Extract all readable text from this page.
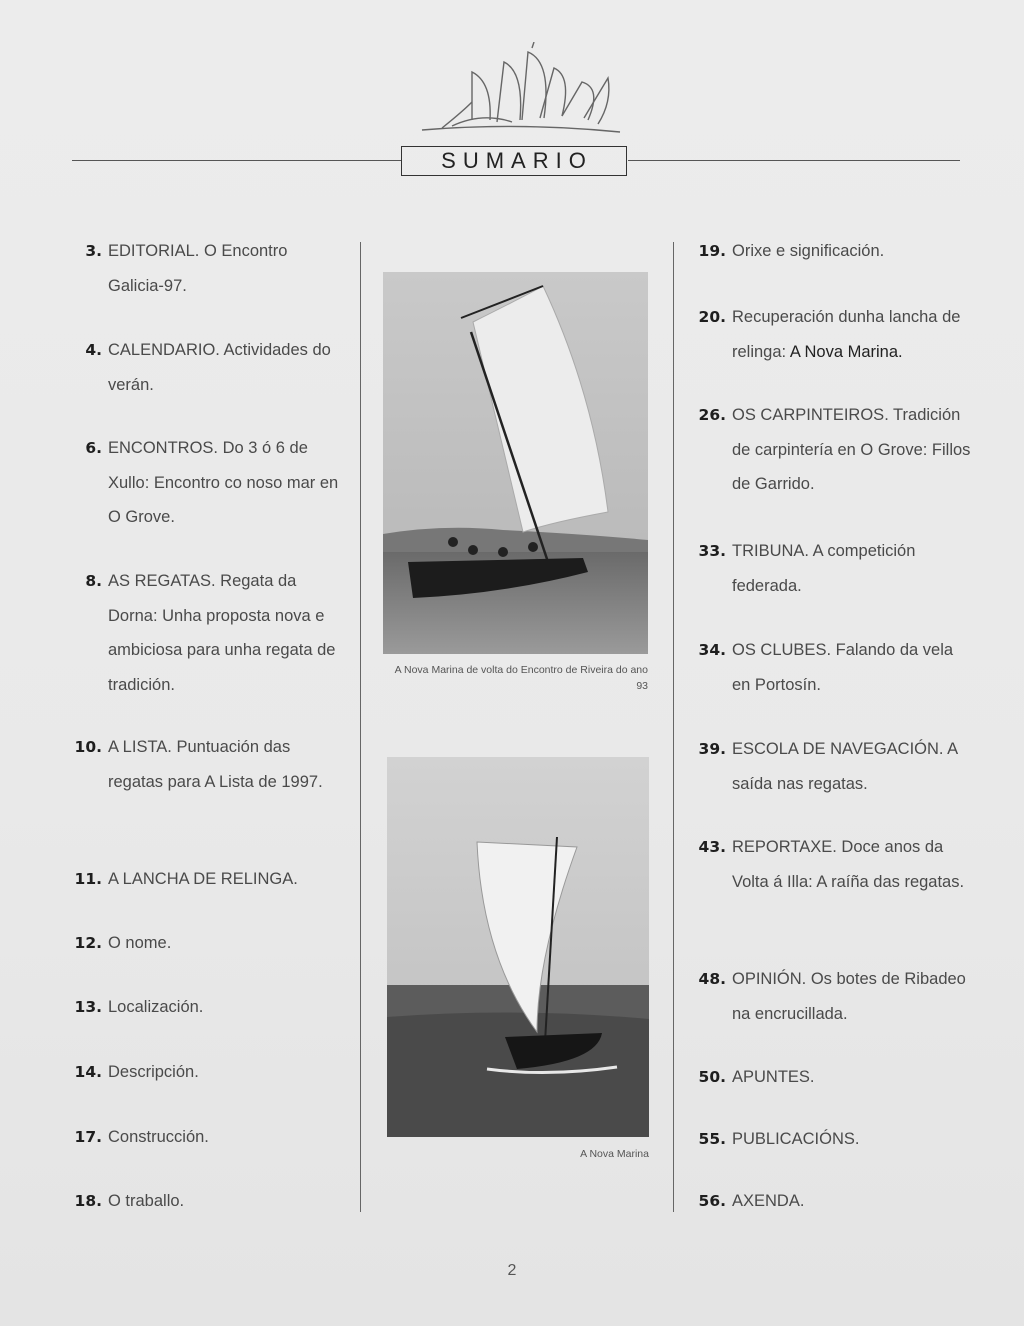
SUMARIO
3. EDITORIAL. O Encontro Galicia-97.
4. CALENDARIO. Actividades do verán.
6. ENCONTROS. Do 3 ó 6 de Xullo: Encontro co noso mar en O Grove.
8. AS REGATAS. Regata da Dorna: Unha proposta nova e ambiciosa para unha regata de tradición.
10. A LISTA. Puntuación das regatas para A Lista de 1997.
11. A LANCHA DE RELINGA.
12. O nome.
13. Localización.
14. Descripción.
17. Construcción.
18. O traballo.
A Nova Marina de volta do Encontro de Riveira do ano 93
A Nova Marina
19. Orixe e significación.
20. Recuperación dunha lancha de relinga: A Nova Marina.
26. OS CARPINTEIROS. Tradición de carpintería en O Grove: Fillos de Garrido.
33. TRIBUNA. A competición federada.
34. OS CLUBES. Falando da vela en Portosín.
39. ESCOLA DE NAVEGACIÓN. A saída nas regatas.
43. REPORTAXE. Doce anos da Volta á Illa: A raíña das regatas.
48. OPINIÓN. Os botes de Ribadeo na encrucillada.
50. APUNTES.
55. PUBLICACIÓNS.
56. AXENDA.
2
